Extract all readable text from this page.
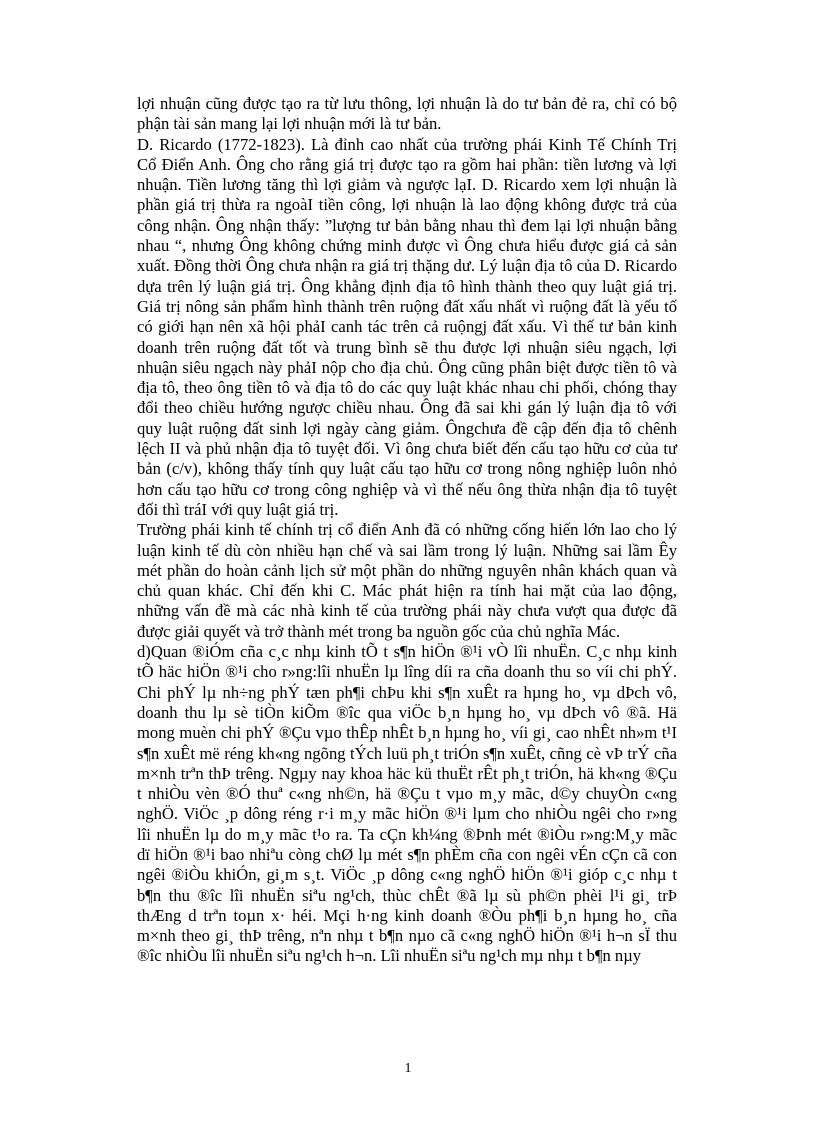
lợi nhuận cũng được tạo ra từ lưu thông, lợi nhuận là do tư bản đẻ ra, chỉ có bộ
phận tài sản mang lại lợi nhuận mới là tư bản.

D. Ricardo (1772-1823). Là đỉnh cao nhất của trường phái Kinh Tế Chính Trị
Cổ Điển Anh. Ông cho rằng giá trị được tạo ra gồm hai phần: tiền lương và lợi
nhuận. Tiền lương tăng thì lợi giảm và ngược lạI. D. Ricardo xem lợi nhuận là
phần giá trị thừa ra ngoàI tiền công, lợi nhuận là lao động không được trả của
công nhận. Ông nhận thấy: ”lượng tư bản bằng nhau thì đem lại lợi nhuận bằng
nhau “, nhưng Ông không chứng minh được vì Ông chưa hiểu được giá cả sản
xuất. Đồng thời Ông chưa nhận ra giá trị thặng dư. Lý luận địa tô của D. Ricardo
dựa trên lý luận giá trị. Ông khẳng định địa tô hình thành theo quy luật giá trị.
Giá trị nông sản phẩm hình thành trên ruộng đất xấu nhất vì ruộng đất là yếu tố
có giới hạn nên xã hội phảI canh tác trên cả ruộngj đất xấu. Vì thế tư bản kinh
doanh trên ruộng đất tốt và trung bình sẽ thu được lợi nhuận siêu ngạch, lợi
nhuận siêu ngạch này phảI nộp cho địa chủ. Ông cũng phân biệt được tiền tô và
địa tô, theo ông tiền tô và địa tô do các quy luật khác nhau chi phối, chóng thay
đổi theo chiều hướng ngược chiều nhau. Ông đã sai khi gán lý luận địa tô với
quy luật ruộng đất sinh lợi ngày càng giảm. Ôngchưa đề cập đến địa tô chênh
lệch II và phủ nhận địa tô tuyệt đối. Vì ông chưa biết đến cấu tạo hữu cơ của tư
bản (c/v), không thấy tính quy luật cấu tạo hữu cơ trong nông nghiệp luôn nhỏ
hơn cấu tạo hữu cơ trong công nghiệp và vì thế nếu ông thừa nhận địa tô tuyệt
đối thì tráI với quy luật giá trị.

Trường phái kinh tế chính trị cổ điển Anh đã có những cống hiến lớn lao cho lý
luận kinh tế dù còn nhiều hạn chế và sai lầm trong lý luận. Những sai lầm Êy
mét phần do hoàn cảnh lịch sử một phần do những nguyên nhân khách quan và
chủ quan khác. Chỉ đến khi C. Mác phát hiện ra tính hai mặt của lao động,
những vấn đề mà các nhà kinh tế của trường phái này chưa vượt qua được đã
được giải quyết và trở thành mét trong ba nguồn gốc của chủ nghĩa Mác.

d)Quan ®iÓm cña c¸c nhµ kinh tÕ t s¶n hiÖn ®¹i vÒ lîi nhuËn. C¸c nhµ kinh
tÕ häc hiÖn ®¹i cho r»ng:lîi nhuËn lµ lîng díi ra cña doanh thu so víi chi phÝ.
Chi phÝ lµ nh÷ng phÝ tæn ph¶i chÞu khi s¶n xuÊt ra hµng ho¸ vµ dÞch vô,
doanh thu lµ sè tiÒn kiÕm ®îc qua viÖc b¸n hµng ho¸ vµ dÞch vô ®ã. Hä
mong muèn chi phÝ ®Çu vµo thÊp nhÊt b¸n hµng ho¸ víi gi¸ cao nhÊt nh»m t¹I
s¶n xuÊt më réng kh«ng ngõng tÝch luü ph¸t triÓn s¶n xuÊt, cñng cè vÞ trÝ cña
m×nh trªn thÞ trêng. Ngµy nay khoa häc kü thuËt rÊt ph¸t triÓn, hä kh«ng ®Çu
t nhiÒu vèn ®Ó thuª c«ng nh©n, hä ®Çu t vµo m¸y mãc, d©y chuyÒn c«ng
nghÖ. ViÖc ¸p dông réng r·i m¸y mãc hiÖn ®¹i lµm cho nhiÒu ngêi cho r»ng
lîi nhuËn lµ do m¸y mãc t¹o ra. Ta cÇn kh¼ng ®Þnh mét ®iÒu r»ng:M¸y mãc
dï hiÖn ®¹i bao nhiªu còng chØ lµ mét s¶n phÈm cña con ngêi vÉn cÇn cã con
ngêi ®iÒu khiÓn, gi¸m s¸t. ViÖc ¸p dông c«ng nghÖ hiÖn ®¹i gióp c¸c nhµ t
b¶n thu ®îc lîi nhuËn siªu ng¹ch, thùc chÊt ®ã lµ sù ph©n phèi l¹i gi¸ trÞ
thÆng d trªn toµn x· héi. Mçi h·ng kinh doanh ®Òu ph¶i b¸n hµng ho¸ cña
m×nh theo gi¸ thÞ trêng, nªn nhµ t b¶n nµo cã c«ng nghÖ hiÖn ®¹i h¬n sÏ thu
®îc nhiÒu lîi nhuËn siªu ng¹ch h¬n. Lîi nhuËn siªu ng¹ch mµ nhµ t b¶n nµy

1
